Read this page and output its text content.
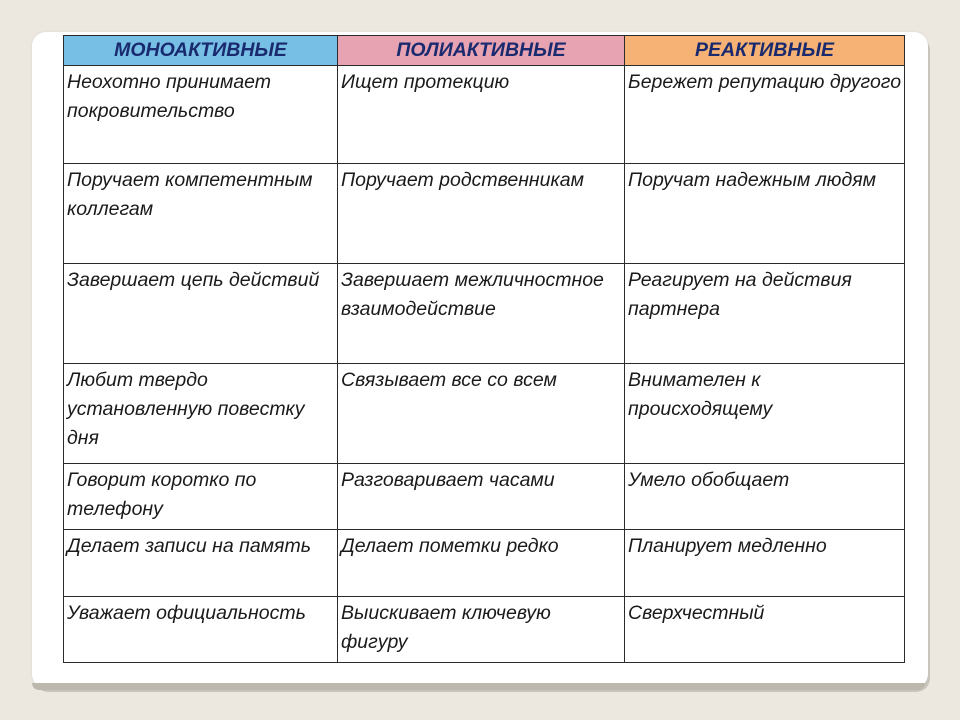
МОНОАКТИВНЫЕ	ПОЛИАКТИВНЫЕ	РЕАКТИВНЫЕ
Неохотно принимает покровительство	Ищет протекцию	Бережет репутацию другого
Поручает компетентным коллегам	Поручает родственникам	Поручат надежным людям
Завершает цепь действий	Завершает межличностное взаимодействие	Реагирует на действия партнера
Любит твердо установленную повестку дня	Связывает все со всем	Внимателен к происходящему
Говорит коротко по телефону	Разговаривает часами	Умело обобщает
Делает записи на память	Делает пометки редко	Планирует медленно
Уважает официальность	Выискивает ключевую фигуру	Сверхчестный
